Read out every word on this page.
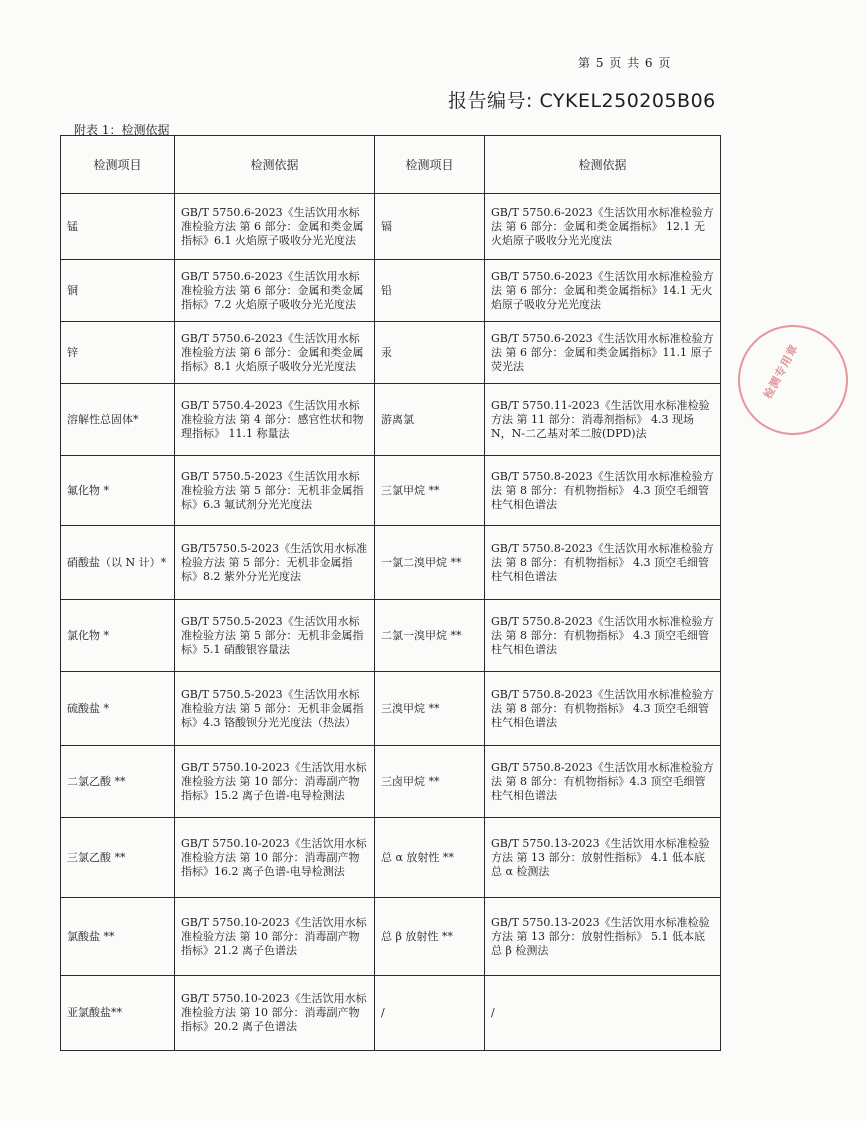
第 5 页 共 6 页
报告编号: CYKEL250205B06
附表 1：检测依据
检测项目	检测依据	检测项目	检测依据
锰	GB/T 5750.6-2023《生活饮用水标准检验方法 第 6 部分：金属和类金属指标》6.1 火焰原子吸收分光光度法	镉	GB/T 5750.6-2023《生活饮用水标准检验方法 第 6 部分：金属和类金属指标》 12.1 无火焰原子吸收分光光度法
铜	GB/T 5750.6-2023《生活饮用水标准检验方法 第 6 部分：金属和类金属指标》7.2 火焰原子吸收分光光度法	铅	GB/T 5750.6-2023《生活饮用水标准检验方法 第 6 部分：金属和类金属指标》14.1 无火焰原子吸收分光光度法
锌	GB/T 5750.6-2023《生活饮用水标准检验方法 第 6 部分：金属和类金属指标》8.1 火焰原子吸收分光光度法	汞	GB/T 5750.6-2023《生活饮用水标准检验方法 第 6 部分：金属和类金属指标》11.1 原子荧光法
溶解性总固体*	GB/T 5750.4-2023《生活饮用水标准检验方法 第 4 部分：感官性状和物理指标》 11.1 称量法	游离氯	GB/T 5750.11-2023《生活饮用水标准检验方法 第 11 部分：消毒剂指标》 4.3 现场 N，N-二乙基对苯二胺(DPD)法
氟化物 *	GB/T 5750.5-2023《生活饮用水标准检验方法 第 5 部分：无机非金属指标》6.3 氟试剂分光光度法	三氯甲烷 **	GB/T 5750.8-2023《生活饮用水标准检验方法 第 8 部分：有机物指标》 4.3 顶空毛细管柱气相色谱法
硝酸盐（以 N 计）*	GB/T5750.5-2023《生活饮用水标准检验方法 第 5 部分：无机非金属指标》8.2 紫外分光光度法	一氯二溴甲烷 **	GB/T 5750.8-2023《生活饮用水标准检验方法 第 8 部分：有机物指标》 4.3 顶空毛细管柱气相色谱法
氯化物 *	GB/T 5750.5-2023《生活饮用水标准检验方法 第 5 部分：无机非金属指标》5.1 硝酸银容量法	二氯一溴甲烷 **	GB/T 5750.8-2023《生活饮用水标准检验方法 第 8 部分：有机物指标》 4.3 顶空毛细管柱气相色谱法
硫酸盐 *	GB/T 5750.5-2023《生活饮用水标准检验方法 第 5 部分：无机非金属指标》4.3 铬酸钡分光光度法（热法）	三溴甲烷 **	GB/T 5750.8-2023《生活饮用水标准检验方法 第 8 部分：有机物指标》 4.3 顶空毛细管柱气相色谱法
二氯乙酸 **	GB/T 5750.10-2023《生活饮用水标准检验方法 第 10 部分：消毒副产物指标》15.2 离子色谱-电导检测法	三卤甲烷 **	GB/T 5750.8-2023《生活饮用水标准检验方法 第 8 部分：有机物指标》4.3 顶空毛细管柱气相色谱法
三氯乙酸 **	GB/T 5750.10-2023《生活饮用水标准检验方法 第 10 部分：消毒副产物指标》16.2 离子色谱-电导检测法	总 α 放射性 **	GB/T 5750.13-2023《生活饮用水标准检验方法 第 13 部分：放射性指标》 4.1 低本底总 α 检测法
氯酸盐 **	GB/T 5750.10-2023《生活饮用水标准检验方法 第 10 部分：消毒副产物指标》21.2 离子色谱法	总 β 放射性 **	GB/T 5750.13-2023《生活饮用水标准检验方法 第 13 部分：放射性指标》 5.1 低本底总 β 检测法
亚氯酸盐**	GB/T 5750.10-2023《生活饮用水标准检验方法 第 10 部分：消毒副产物指标》20.2 离子色谱法	/	/
检测专用章
